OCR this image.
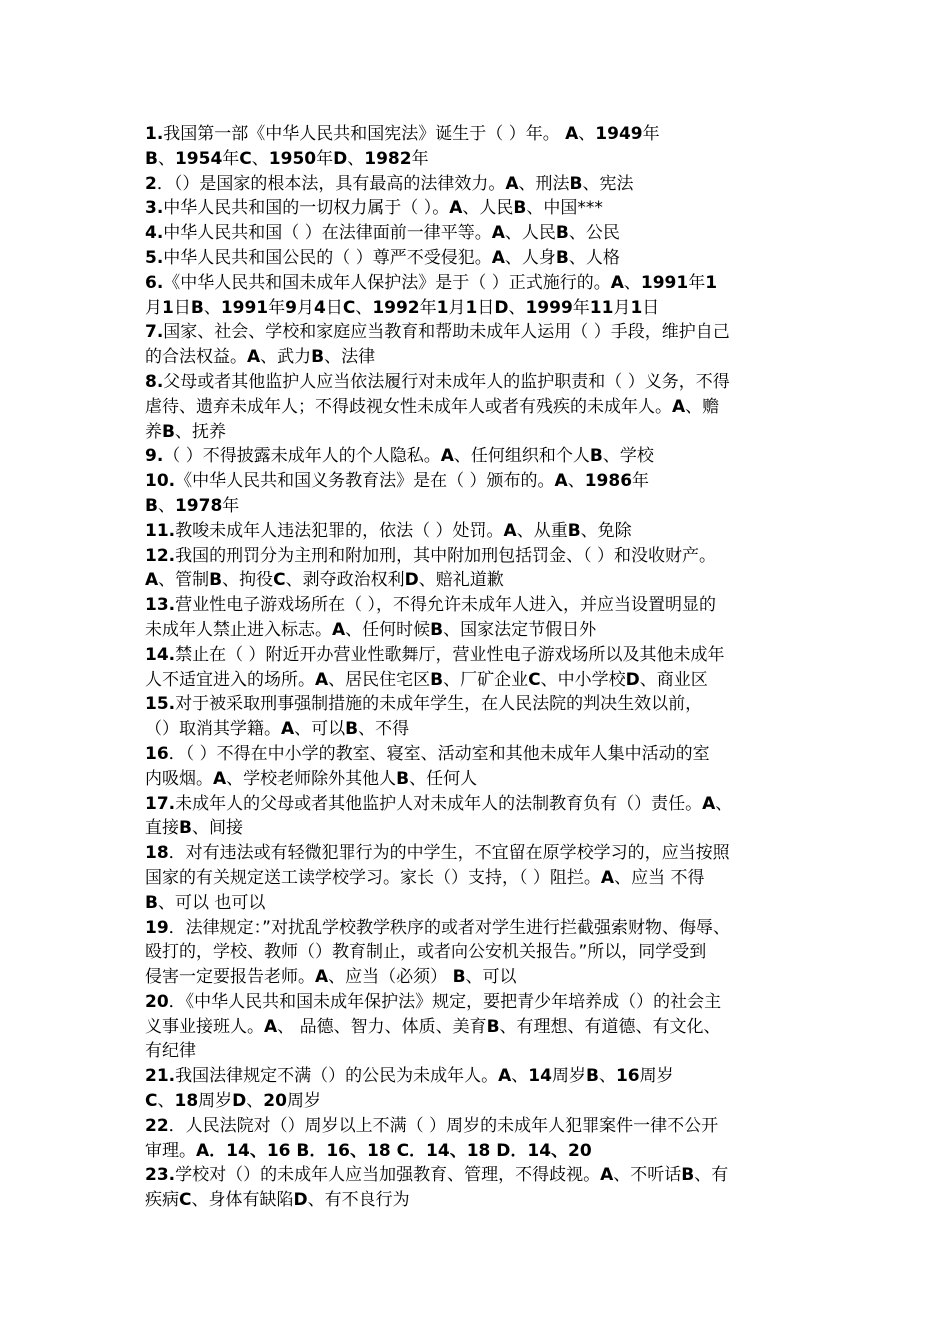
1.我国第一部《中华人民共和国宪法》诞生于（ ）年。 A、1949年
B、1954年C、1950年D、1982年
2．（）是国家的根本法，具有最高的法律效力。A、刑法B、宪法
3.中华人民共和国的一切权力属于（ ）。A、人民B、中国***
4.中华人民共和国（ ）在法律面前一律平等。A、人民B、公民
5.中华人民共和国公民的（ ）尊严不受侵犯。A、人身B、人格
6.《中华人民共和国未成年人保护法》是于（ ）正式施行的。A、1991年1
月1日B、1991年9月4日C、1992年1月1日D、1999年11月1日
7.国家、社会、学校和家庭应当教育和帮助未成年人运用（ ）手段，维护自己
的合法权益。A、武力B、法律
8.父母或者其他监护人应当依法履行对未成年人的监护职责和（ ）义务，不得
虐待、遗弃未成年人；不得歧视女性未成年人或者有残疾的未成年人。A、赡
养B、抚养
9.（ ）不得披露未成年人的个人隐私。A、任何组织和个人B、学校
10.《中华人民共和国义务教育法》是在（ ）颁布的。A、1986年
B、1978年
11.教唆未成年人违法犯罪的，依法（ ）处罚。A、从重B、免除
12.我国的刑罚分为主刑和附加刑，其中附加刑包括罚金、（ ）和没收财产。
A、管制B、拘役C、剥夺政治权利D、赔礼道歉
13.营业性电子游戏场所在（ ），不得允许未成年人进入，并应当设置明显的
未成年人禁止进入标志。A、任何时候B、国家法定节假日外
14.禁止在（ ）附近开办营业性歌舞厅，营业性电子游戏场所以及其他未成年
人不适宜进入的场所。A、居民住宅区B、厂矿企业C、中小学校D、商业区
15.对于被采取刑事强制措施的未成年学生，在人民法院的判决生效以前，
（）取消其学籍。A、可以B、不得
16．（ ）不得在中小学的教室、寝室、活动室和其他未成年人集中活动的室
内吸烟。A、学校老师除外其他人B、任何人
17.未成年人的父母或者其他监护人对未成年人的法制教育负有（）责任。A、
直接B、间接
18．对有违法或有轻微犯罪行为的中学生，不宜留在原学校学习的，应当按照
国家的有关规定送工读学校学习。家长（）支持，（ ）阻拦。A、应当 不得
B、可以 也可以
19．法律规定：”对扰乱学校教学秩序的或者对学生进行拦截强索财物、侮辱、
殴打的，学校、教师（）教育制止，或者向公安机关报告。”所以，同学受到
侵害一定要报告老师。A、应当（必须） B、可以
20．《中华人民共和国未成年保护法》规定，要把青少年培养成（）的社会主
义事业接班人。A、 品德、智力、体质、美育B、有理想、有道德、有文化、
有纪律
21.我国法律规定不满（）的公民为未成年人。A、14周岁B、16周岁
C、18周岁D、20周岁
22．人民法院对（）周岁以上不满（ ）周岁的未成年人犯罪案件一律不公开
审理。A．14、16 B．16、18 C．14、18 D．14、20
23.学校对（）的未成年人应当加强教育、管理，不得歧视。A、不听话B、有
疾病C、身体有缺陷D、有不良行为
